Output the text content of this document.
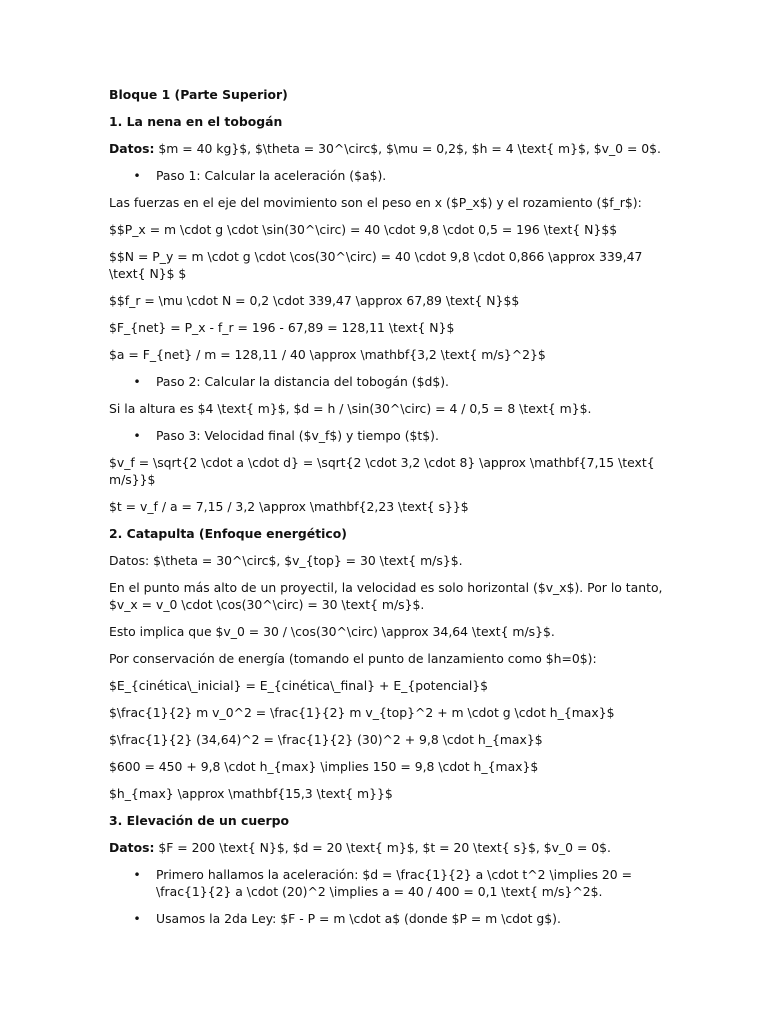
Bloque 1 (Parte Superior)

1. La nena en el tobogán

Datos: $m = 40 kg}$, $\theta = 30^\circ$, $\mu = 0,2$, $h = 4 \text{ m}$, $v_0 = 0$.

• Paso 1: Calcular la aceleración ($a$).

Las fuerzas en el eje del movimiento son el peso en x ($P_x$) y el rozamiento ($f_r$):

$$P_x = m \cdot g \cdot \sin(30^\circ) = 40 \cdot 9,8 \cdot 0,5 = 196 \text{ N}$$

$$N = P_y = m \cdot g \cdot \cos(30^\circ) = 40 \cdot 9,8 \cdot 0,866 \approx 339,47 \text{ N}$ $

$$f_r = \mu \cdot N = 0,2 \cdot 339,47 \approx 67,89 \text{ N}$$

$F_{net} = P_x - f_r = 196 - 67,89 = 128,11 \text{ N}$

$a = F_{net} / m = 128,11 / 40 \approx \mathbf{3,2 \text{ m/s}^2}$

• Paso 2: Calcular la distancia del tobogán ($d$).

Si la altura es $4 \text{ m}$, $d = h / \sin(30^\circ) = 4 / 0,5 = 8 \text{ m}$.

• Paso 3: Velocidad final ($v_f$) y tiempo ($t$).

$v_f = \sqrt{2 \cdot a \cdot d} = \sqrt{2 \cdot 3,2 \cdot 8} \approx \mathbf{7,15 \text{ m/s}}$

$t = v_f / a = 7,15 / 3,2 \approx \mathbf{2,23 \text{ s}}$

2. Catapulta (Enfoque energético)

Datos: $\theta = 30^\circ$, $v_{top} = 30 \text{ m/s}$.

En el punto más alto de un proyectil, la velocidad es solo horizontal ($v_x$). Por lo tanto, $v_x = v_0 \cdot \cos(30^\circ) = 30 \text{ m/s}$.

Esto implica que $v_0 = 30 / \cos(30^\circ) \approx 34,64 \text{ m/s}$.

Por conservación de energía (tomando el punto de lanzamiento como $h=0$):

$E_{cinética\_inicial} = E_{cinética\_final} + E_{potencial}$

$\frac{1}{2} m v_0^2 = \frac{1}{2} m v_{top}^2 + m \cdot g \cdot h_{max}$

$\frac{1}{2} (34,64)^2 = \frac{1}{2} (30)^2 + 9,8 \cdot h_{max}$

$600 = 450 + 9,8 \cdot h_{max} \implies 150 = 9,8 \cdot h_{max}$

$h_{max} \approx \mathbf{15,3 \text{ m}}$

3. Elevación de un cuerpo

Datos: $F = 200 \text{ N}$, $d = 20 \text{ m}$, $t = 20 \text{ s}$, $v_0 = 0$.

• Primero hallamos la aceleración: $d = \frac{1}{2} a \cdot t^2 \implies 20 = \frac{1}{2} a \cdot (20)^2 \implies a = 40 / 400 = 0,1 \text{ m/s}^2$.
• Usamos la 2da Ley: $F - P = m \cdot a$ (donde $P = m \cdot g$).
